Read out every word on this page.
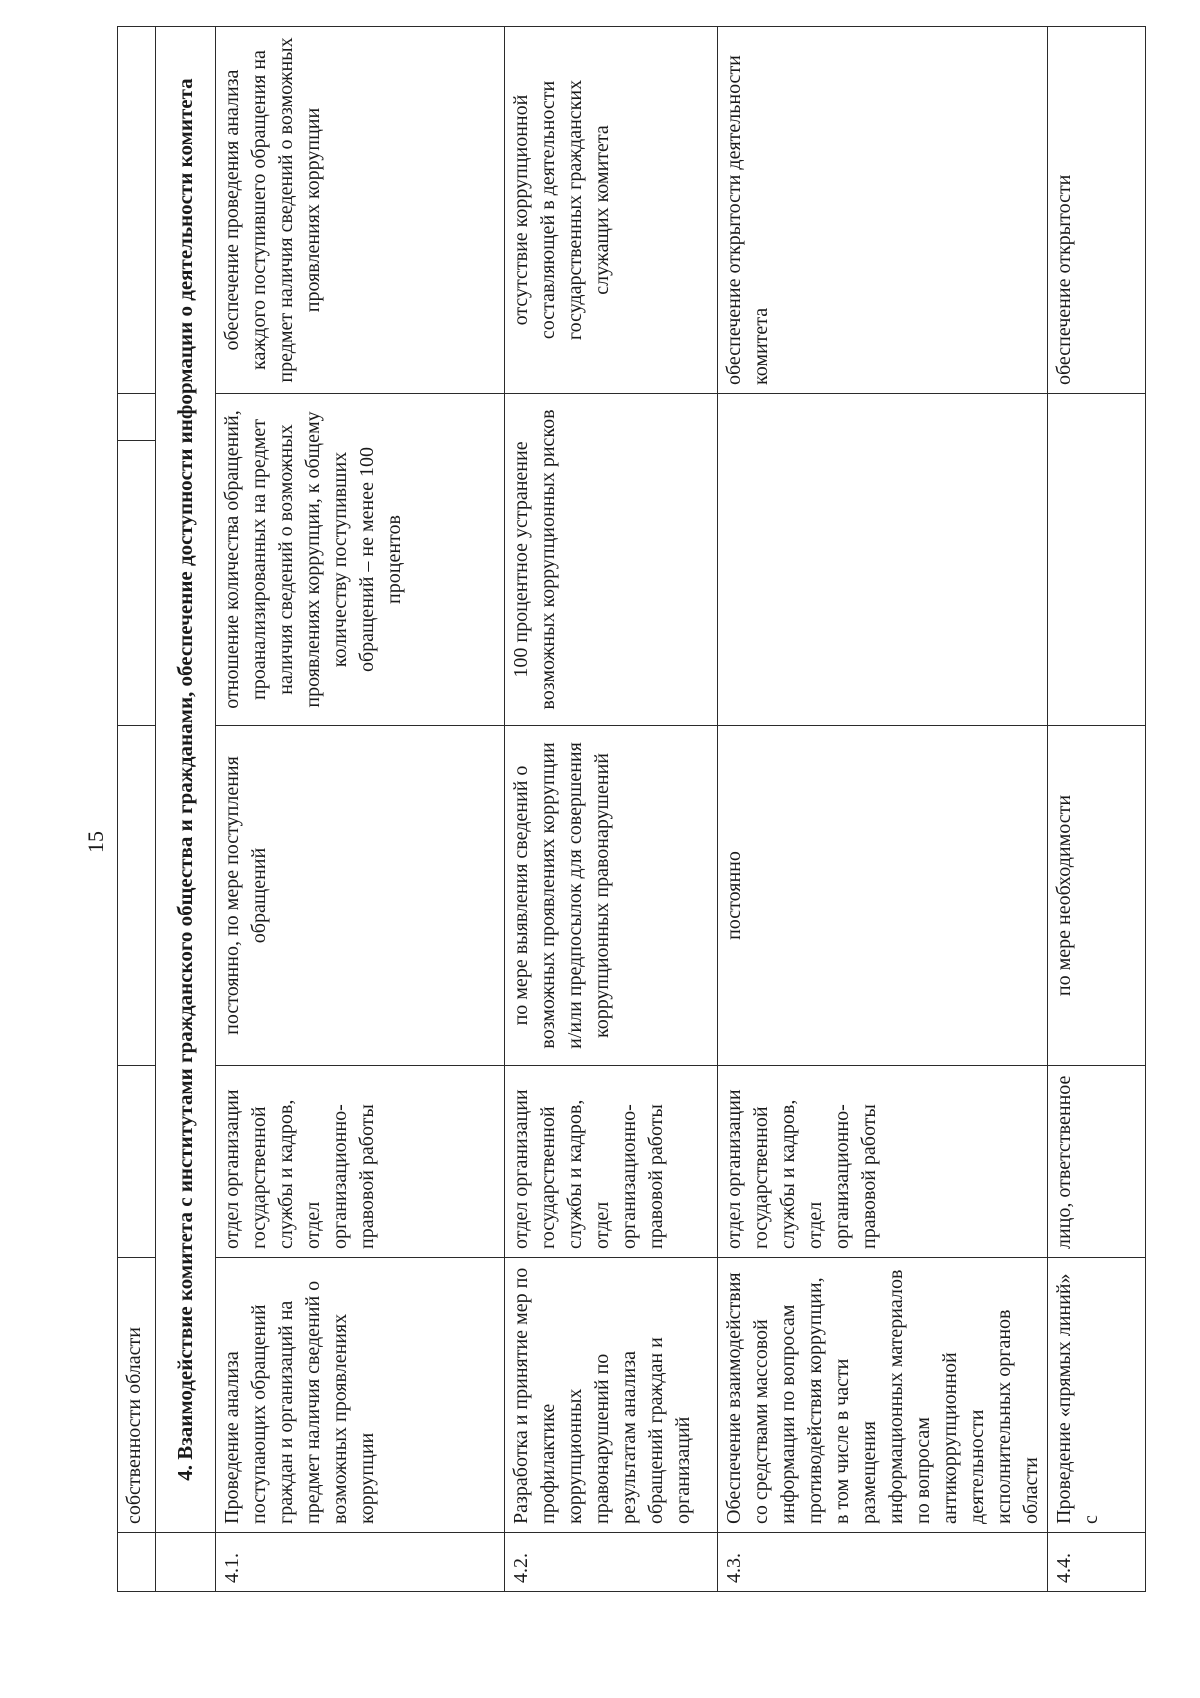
15
	собственности области					
	4. Взаимодействие комитета с институтами гражданского общества и гражданами, обеспечение доступности информации о деятельности комитета					
4.1.	Проведение анализа поступающих обращений граждан и организаций на предмет наличия сведений о возможных проявлениях коррупции	отдел организации государственной службы и кадров, отдел организационно-правовой работы	постоянно, по мере поступления обращений	отношение количества обращений, проанализированных на предмет наличия сведений о возможных проявлениях коррупции, к общему количеству поступивших обращений – не менее 100 процентов		обеспечение проведения анализа каждого поступившего обращения на предмет наличия сведений о возможных проявлениях коррупции
4.2.	Разработка и принятие мер по профилактике коррупционных правонарушений по результатам анализа обращений граждан и организаций	отдел организации государственной службы и кадров, отдел организационно-правовой работы	по мере выявления сведений о возможных проявлениях коррупции и/или предпосылок для совершения коррупционных правонарушений	100 процентное устранение возможных коррупционных рисков		отсутствие коррупционной составляющей в деятельности государственных гражданских служащих комитета
4.3.	Обеспечение взаимодействия со средствами массовой информации по вопросам противодействия коррупции, в том числе в части размещения информационных материалов по вопросам антикоррупционной деятельности исполнительных органов области	отдел организации государственной службы и кадров, отдел организационно-правовой работы	постоянно			обеспечение открытости деятельности комитета
4.4.	Проведение «прямых линий» с	лицо, ответственное	по мере необходимости			обеспечение открытости
